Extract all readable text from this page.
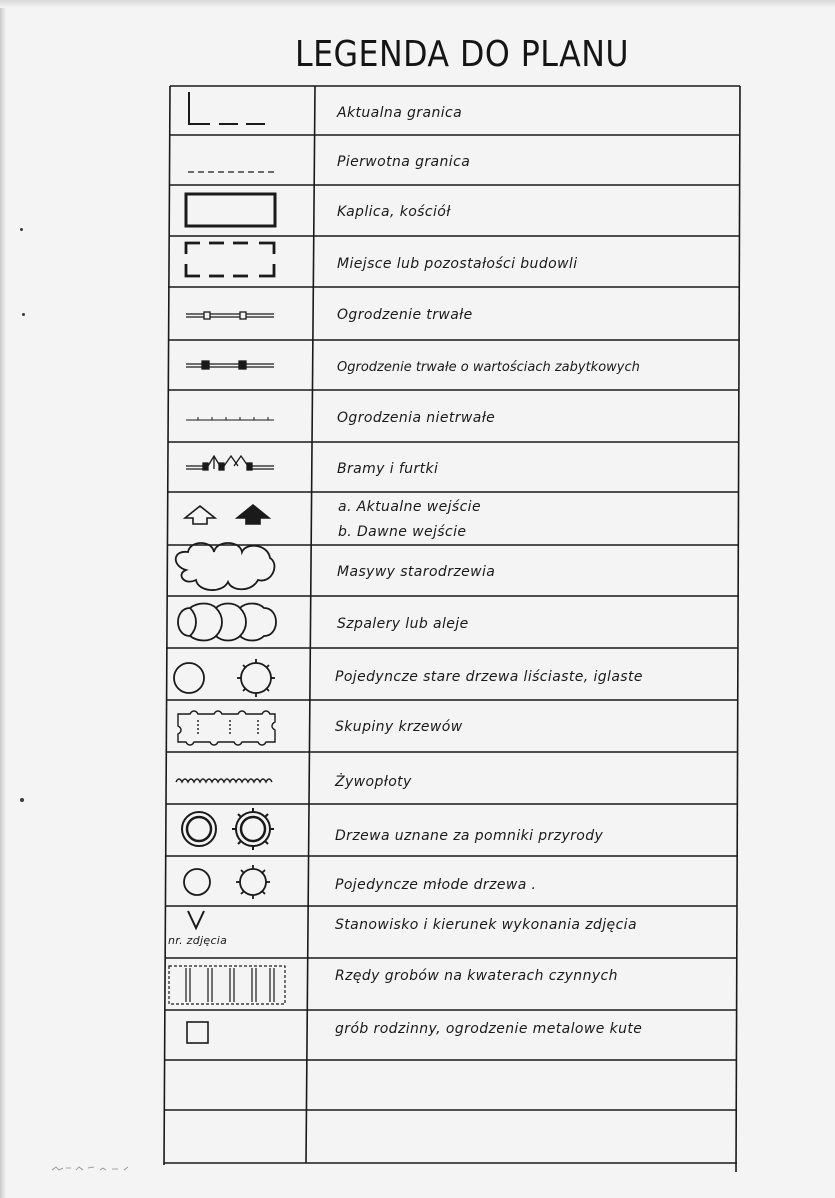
LEGENDA DO PLANU
Aktualna granica
Pierwotna granica
Kaplica, kościół
Miejsce lub pozostałości budowli
Ogrodzenie trwałe
Ogrodzenie trwałe o wartościach zabytkowych
Ogrodzenia nietrwałe
Bramy i furtki
a. Aktualne wejście
b. Dawne wejście
Masywy starodrzewia
Szpalery lub aleje
Pojedyncze stare drzewa liściaste, iglaste
Skupiny krzewów
Żywopłoty
Drzewa uznane za pomniki przyrody
Pojedyncze młode drzewa .
Stanowisko i kierunek wykonania zdjęcia
Rzędy grobów na kwaterach czynnych
grób rodzinny, ogrodzenie metalowe kute
nr. zdjęcia
